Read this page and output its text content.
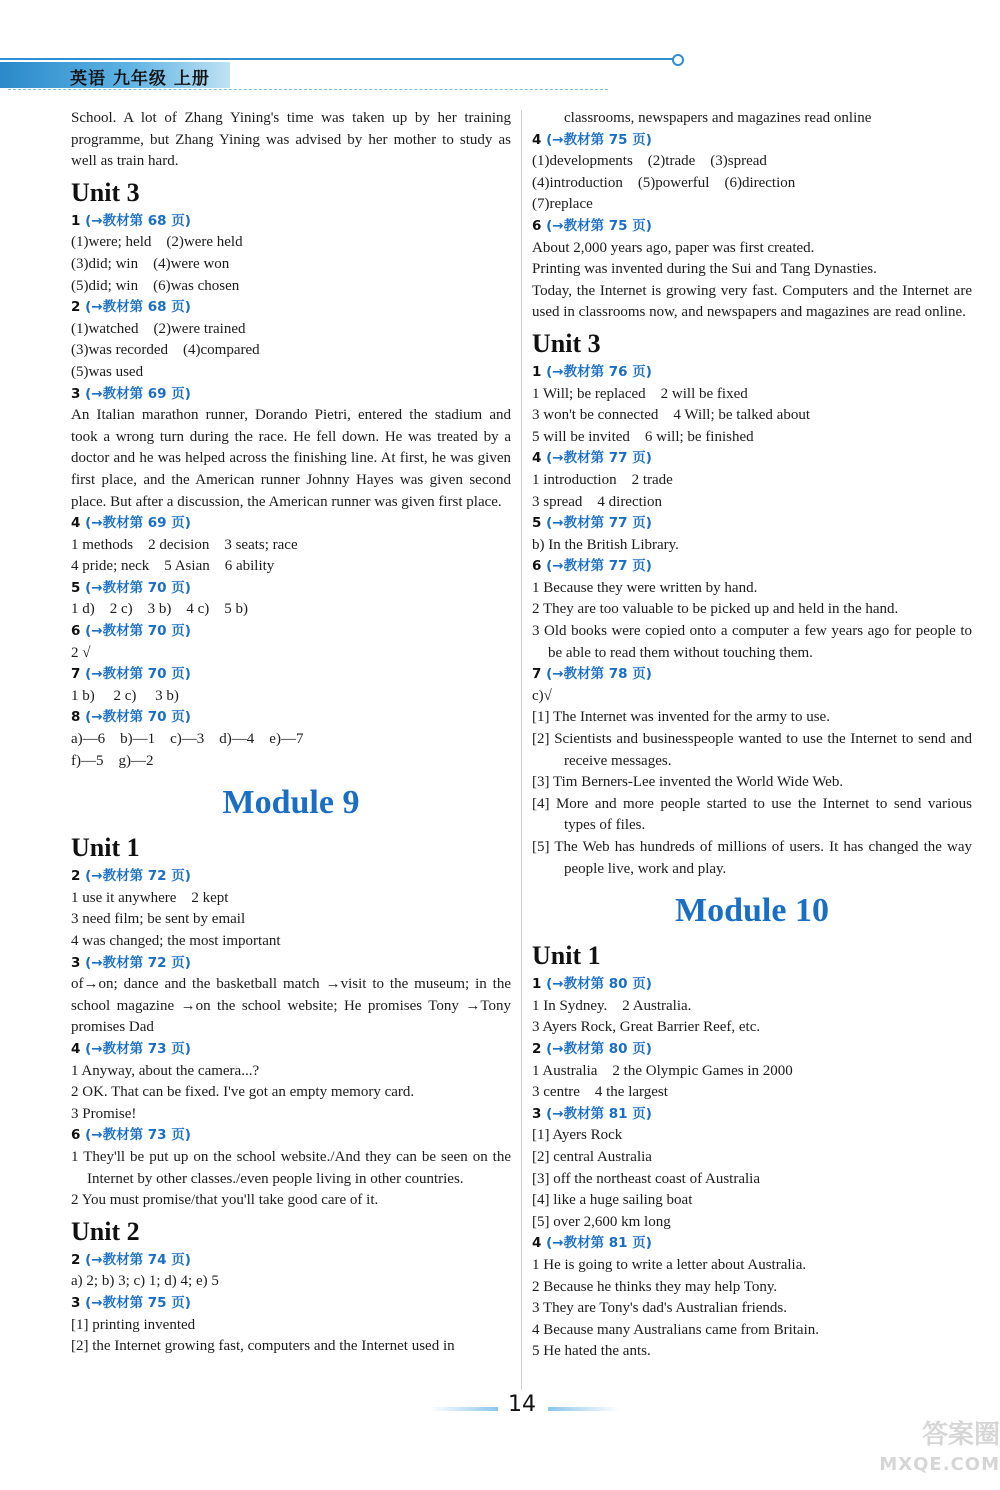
英语 九年级 上册

School. A lot of Zhang Yining's time was taken up by her training programme, but Zhang Yining was advised by her mother to study as well as train hard.

Unit 3

1 (→教材第 68 页)

(1)were; held　(2)were held

(3)did; win　(4)were won

(5)did; win　(6)was chosen

2 (→教材第 68 页)

(1)watched　(2)were trained

(3)was recorded　(4)compared

(5)was used

3 (→教材第 69 页)

An Italian marathon runner, Dorando Pietri, entered the stadium and took a wrong turn during the race. He fell down. He was treated by a doctor and he was helped across the finishing line. At first, he was given first place, and the American runner Johnny Hayes was given second place. But after a discussion, the American runner was given first place.

4 (→教材第 69 页)

1 methods　2 decision　3 seats; race

4 pride; neck　5 Asian　6 ability

5 (→教材第 70 页)

1 d)　2 c)　3 b)　4 c)　5 b)

6 (→教材第 70 页)

2 √

7 (→教材第 70 页)

1 b)　 2 c)　 3 b)

8 (→教材第 70 页)

a)—6　b)—1　c)—3　d)—4　e)—7

f)—5　g)—2

Module 9
Unit 1

2 (→教材第 72 页)

1 use it anywhere　2 kept

3 need film; be sent by email

4 was changed; the most important

3 (→教材第 72 页)

of→on; dance and the basketball match →visit to the museum; in the school magazine →on the school website; He promises Tony →Tony promises Dad

4 (→教材第 73 页)

1 Anyway, about the camera...?

2 OK. That can be fixed. I've got an empty memory card.

3 Promise!

6 (→教材第 73 页)

1 They'll be put up on the school website./And they can be seen on the Internet by other classes./even people living in other countries.

2 You must promise/that you'll take good care of it.

Unit 2

2 (→教材第 74 页)

a) 2; b) 3; c) 1; d) 4; e) 5

3 (→教材第 75 页)

[1] printing invented

[2] the Internet growing fast, computers and the Internet used in

classrooms, newspapers and magazines read online

4 (→教材第 75 页)

(1)developments　(2)trade　(3)spread

(4)introduction　(5)powerful　(6)direction

(7)replace

6 (→教材第 75 页)

About 2,000 years ago, paper was first created.

Printing was invented during the Sui and Tang Dynasties.

Today, the Internet is growing very fast. Computers and the Internet are used in classrooms now, and newspapers and magazines are read online.

Unit 3

1 (→教材第 76 页)

1 Will; be replaced　2 will be fixed

3 won't be connected　4 Will; be talked about

5 will be invited　6 will; be finished

4 (→教材第 77 页)

1 introduction　2 trade

3 spread　4 direction

5 (→教材第 77 页)

b) In the British Library.

6 (→教材第 77 页)

1 Because they were written by hand.

2 They are too valuable to be picked up and held in the hand.

3 Old books were copied onto a computer a few years ago for people to be able to read them without touching them.

7 (→教材第 78 页)

c)√

[1] The Internet was invented for the army to use.

[2] Scientists and businesspeople wanted to use the Internet to send and receive messages.

[3] Tim Berners-Lee invented the World Wide Web.

[4] More and more people started to use the Internet to send various types of files.

[5] The Web has hundreds of millions of users. It has changed the way people live, work and play.

Module 10
Unit 1

1 (→教材第 80 页)

1 In Sydney.　2 Australia.

3 Ayers Rock, Great Barrier Reef, etc.

2 (→教材第 80 页)

1 Australia　2 the Olympic Games in 2000

3 centre　4 the largest

3 (→教材第 81 页)

[1] Ayers Rock

[2] central Australia

[3] off the northeast coast of Australia

[4] like a huge sailing boat

[5] over 2,600 km long

4 (→教材第 81 页)

1 He is going to write a letter about Australia.

2 Because he thinks they may help Tony.

3 They are Tony's dad's Australian friends.

4 Because many Australians came from Britain.

5 He hated the ants.

14
答案圈
MXQE.COM
